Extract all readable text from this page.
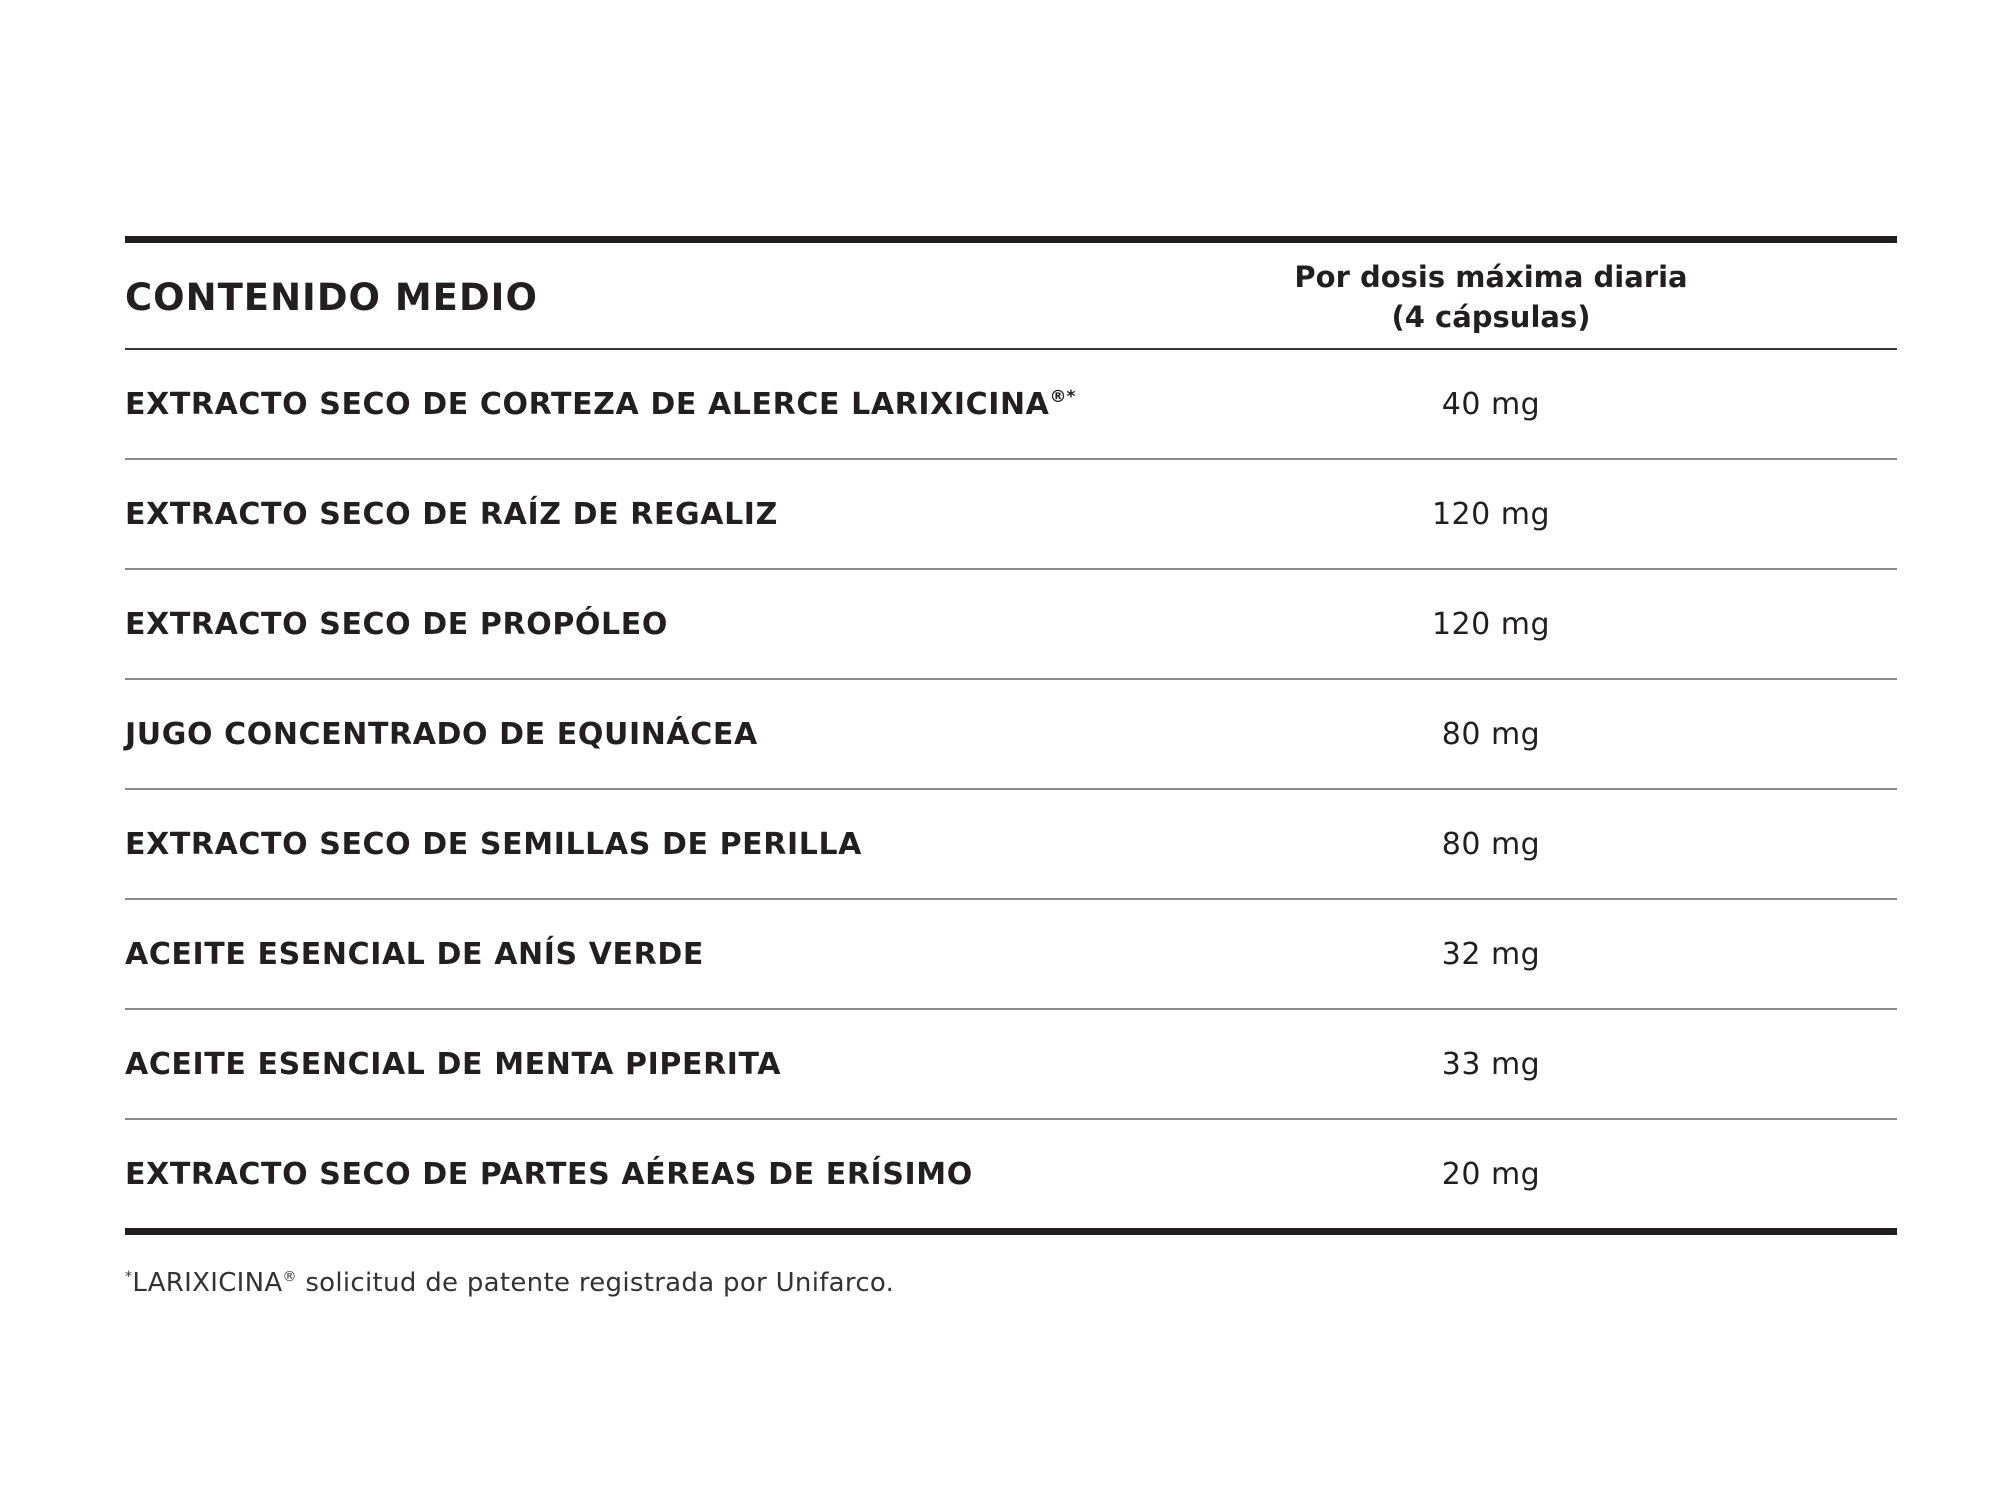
CONTENIDO MEDIO	Por dosis máxima diaria
(4 cápsulas)
EXTRACTO SECO DE CORTEZA DE ALERCE LARIXICINA®*	40 mg
EXTRACTO SECO DE RAÍZ DE REGALIZ	120 mg
EXTRACTO SECO DE PROPÓLEO	120 mg
JUGO CONCENTRADO DE EQUINÁCEA	80 mg
EXTRACTO SECO DE SEMILLAS DE PERILLA	80 mg
ACEITE ESENCIAL DE ANÍS VERDE	32 mg
ACEITE ESENCIAL DE MENTA PIPERITA	33 mg
EXTRACTO SECO DE PARTES AÉREAS DE ERÍSIMO	20 mg
*LARIXICINA® solicitud de patente registrada por Unifarco.
